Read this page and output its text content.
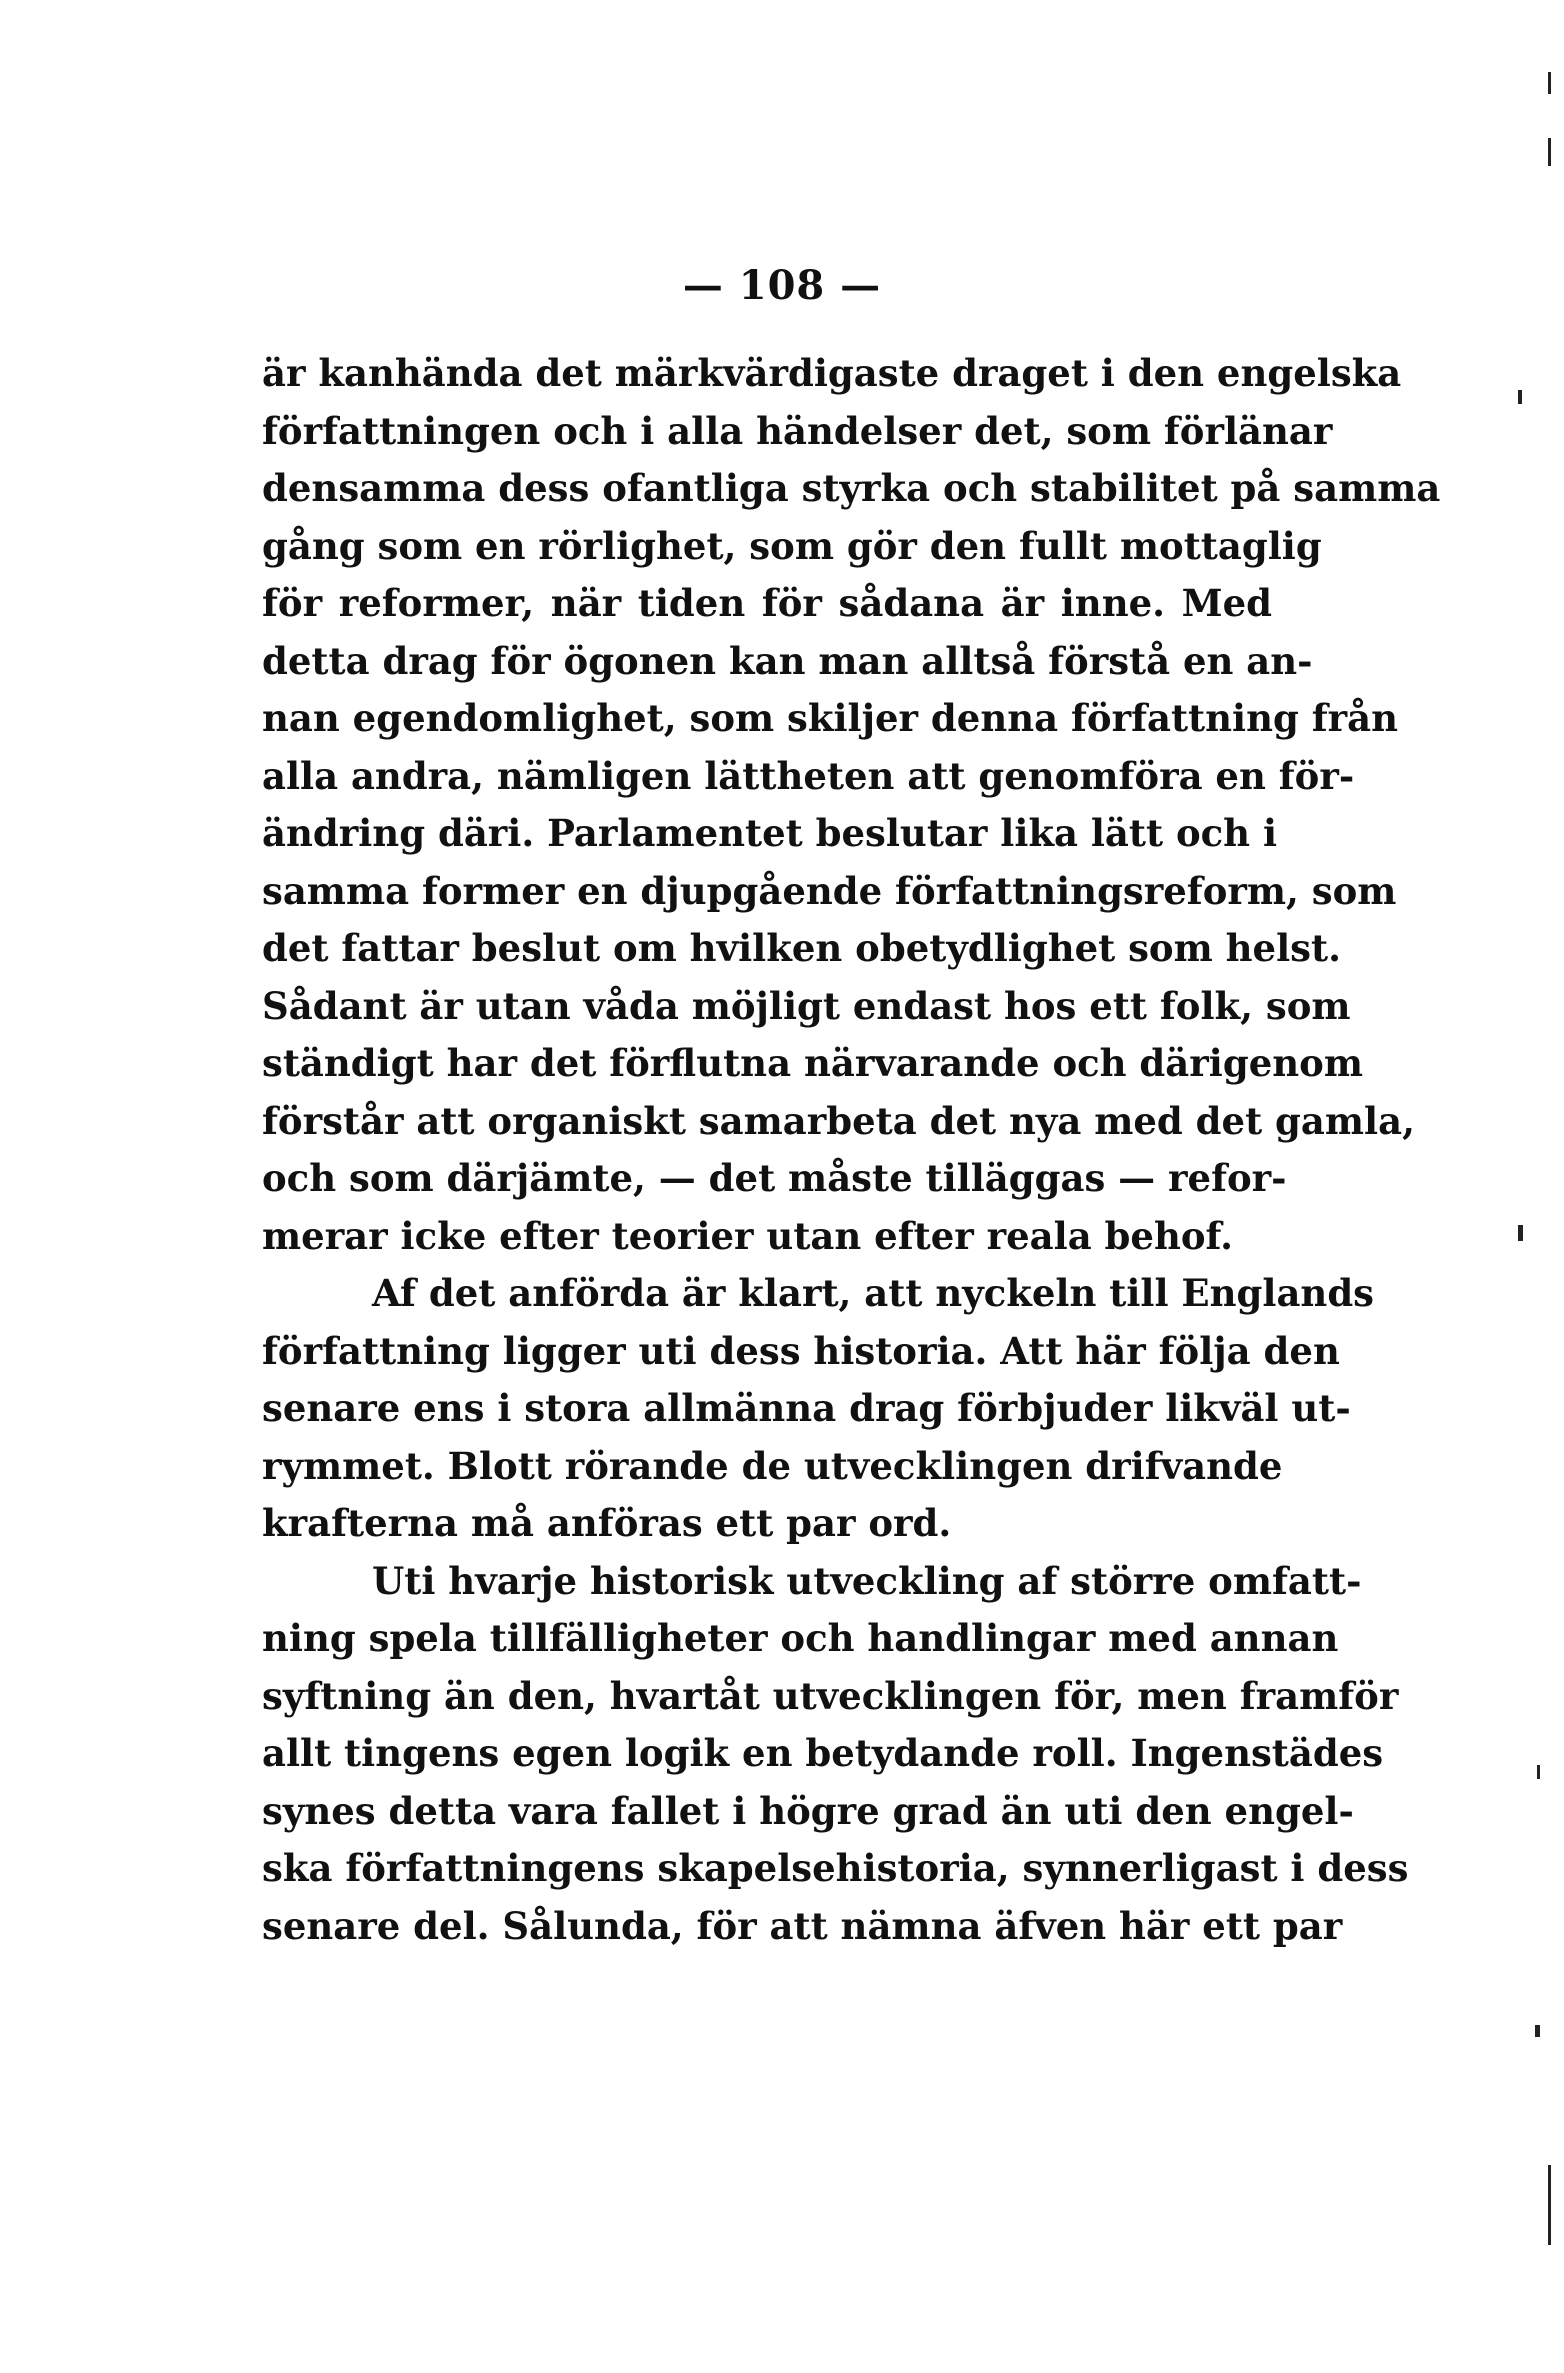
— 108 —
är kanhända det märkvärdigaste draget i den engelska
författningen och i alla händelser det, som förlänar
densamma dess ofantliga styrka och stabilitet på samma
gång som en rörlighet, som gör den fullt mottaglig
för reformer, när tiden för sådana är inne. Med
detta drag för ögonen kan man alltså förstå en an-
nan egendomlighet, som skiljer denna författning från
alla andra, nämligen lättheten att genomföra en för-
ändring däri. Parlamentet beslutar lika lätt och i
samma former en djupgående författningsreform, som
det fattar beslut om hvilken obetydlighet som helst.
Sådant är utan våda möjligt endast hos ett folk, som
ständigt har det förflutna närvarande och därigenom
förstår att organiskt samarbeta det nya med det gamla,
och som därjämte, — det måste tilläggas — refor-
merar icke efter teorier utan efter reala behof.
Af det anförda är klart, att nyckeln till Englands
författning ligger uti dess historia. Att här följa den
senare ens i stora allmänna drag förbjuder likväl ut-
rymmet. Blott rörande de utvecklingen drifvande
krafterna må anföras ett par ord.
Uti hvarje historisk utveckling af större omfatt-
ning spela tillfälligheter och handlingar med annan
syftning än den, hvartåt utvecklingen för, men framför
allt tingens egen logik en betydande roll. Ingenstädes
synes detta vara fallet i högre grad än uti den engel-
ska författningens skapelsehistoria, synnerligast i dess
senare del. Sålunda, för att nämna äfven här ett par
